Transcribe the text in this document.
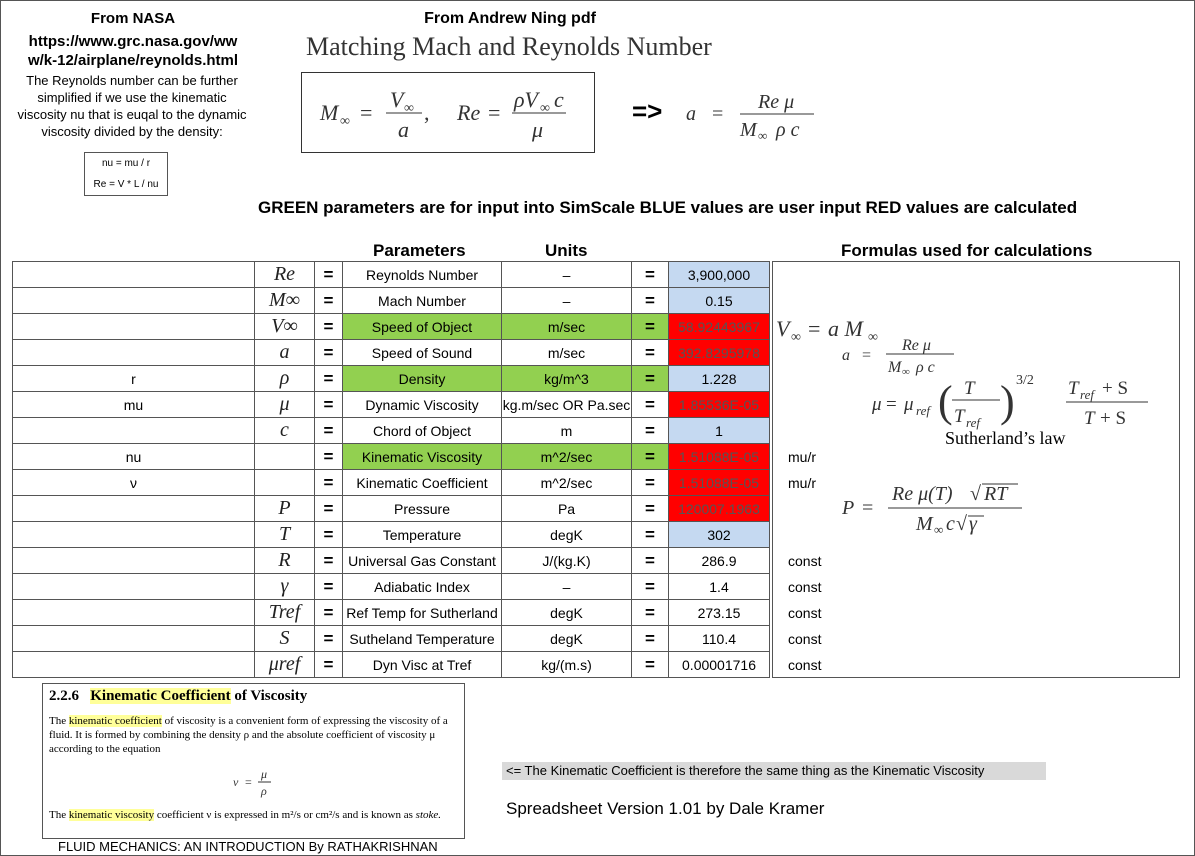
From NASA
https://www.grc.nasa.gov/ww
w/k-12/airplane/reynolds.html
The Reynolds number can be further simplified if we use the kinematic viscosity nu that is euqal to the dynamic viscosity divided by the density:
nu = mu / r
Re = V * L / nu
From Andrew Ning pdf
Matching Mach and Reynolds Number
M ∞ =
V ∞
a
, Re =
ρV ∞ c
μ
=> a =
Re μ
M ∞ ρ c
GREEN parameters are for input into SimScale BLUE values are user input RED values are calculated
Parameters	Units	Formulas used for calculations
	Re	=	Reynolds Number	–	=	3,900,000	
	M∞	=	Mach Number	–	=	0.15	
	V∞	=	Speed of Object	m/sec	=	58.92443967	
	a	=	Speed of Sound	m/sec	=	392.8295978	
r	ρ	=	Density	kg/m^3	=	1.228	
mu	μ	=	Dynamic Viscosity	kg.m/sec OR Pa.sec	=	1.85536E-05	
	c	=	Chord of Object	m	=	1	
nu		=	Kinematic Viscosity	m^2/sec	=	1.51088E-05	mu/r
ν		=	Kinematic Coefficient	m^2/sec	=	1.51088E-05	mu/r
	P	=	Pressure	Pa	=	120007.1963	
	T	=	Temperature	degK	=	302	
	R	=	Universal Gas Constant	J/(kg.K)	=	286.9	const
	γ	=	Adiabatic Index	–	=	1.4	const
	Tref	=	Ref Temp for Sutherland	degK	=	273.15	const
	S	=	Sutheland Temperature	degK	=	110.4	const
	μref	=	Dyn Visc at Tref	kg/(m.s)	=	0.00001716	const
V ∞ = a M ∞
a =
Re μ
M ∞ ρ c
μ = μ ref ( T
T ref ) 3/2 T ref + S
T + S
Sutherland’s law
P =
Re μ(T) √ RT
M ∞ c √ γ
2.2.6 Kinematic Coefficient of Viscosity
The kinematic coefficient of viscosity is a convenient form of expressing the viscosity of a fluid. It is formed by combining the density ρ and the absolute coefficient of viscosity μ according to the equation
ν =
μ
ρ
The kinematic viscosity coefficient ν is expressed in m²/s or cm²/s and is known as stoke.
FLUID MECHANICS: AN INTRODUCTION By RATHAKRISHNAN
<= The Kinematic Coefficient is therefore the same thing as the Kinematic Viscosity
Spreadsheet Version 1.01 by Dale Kramer
